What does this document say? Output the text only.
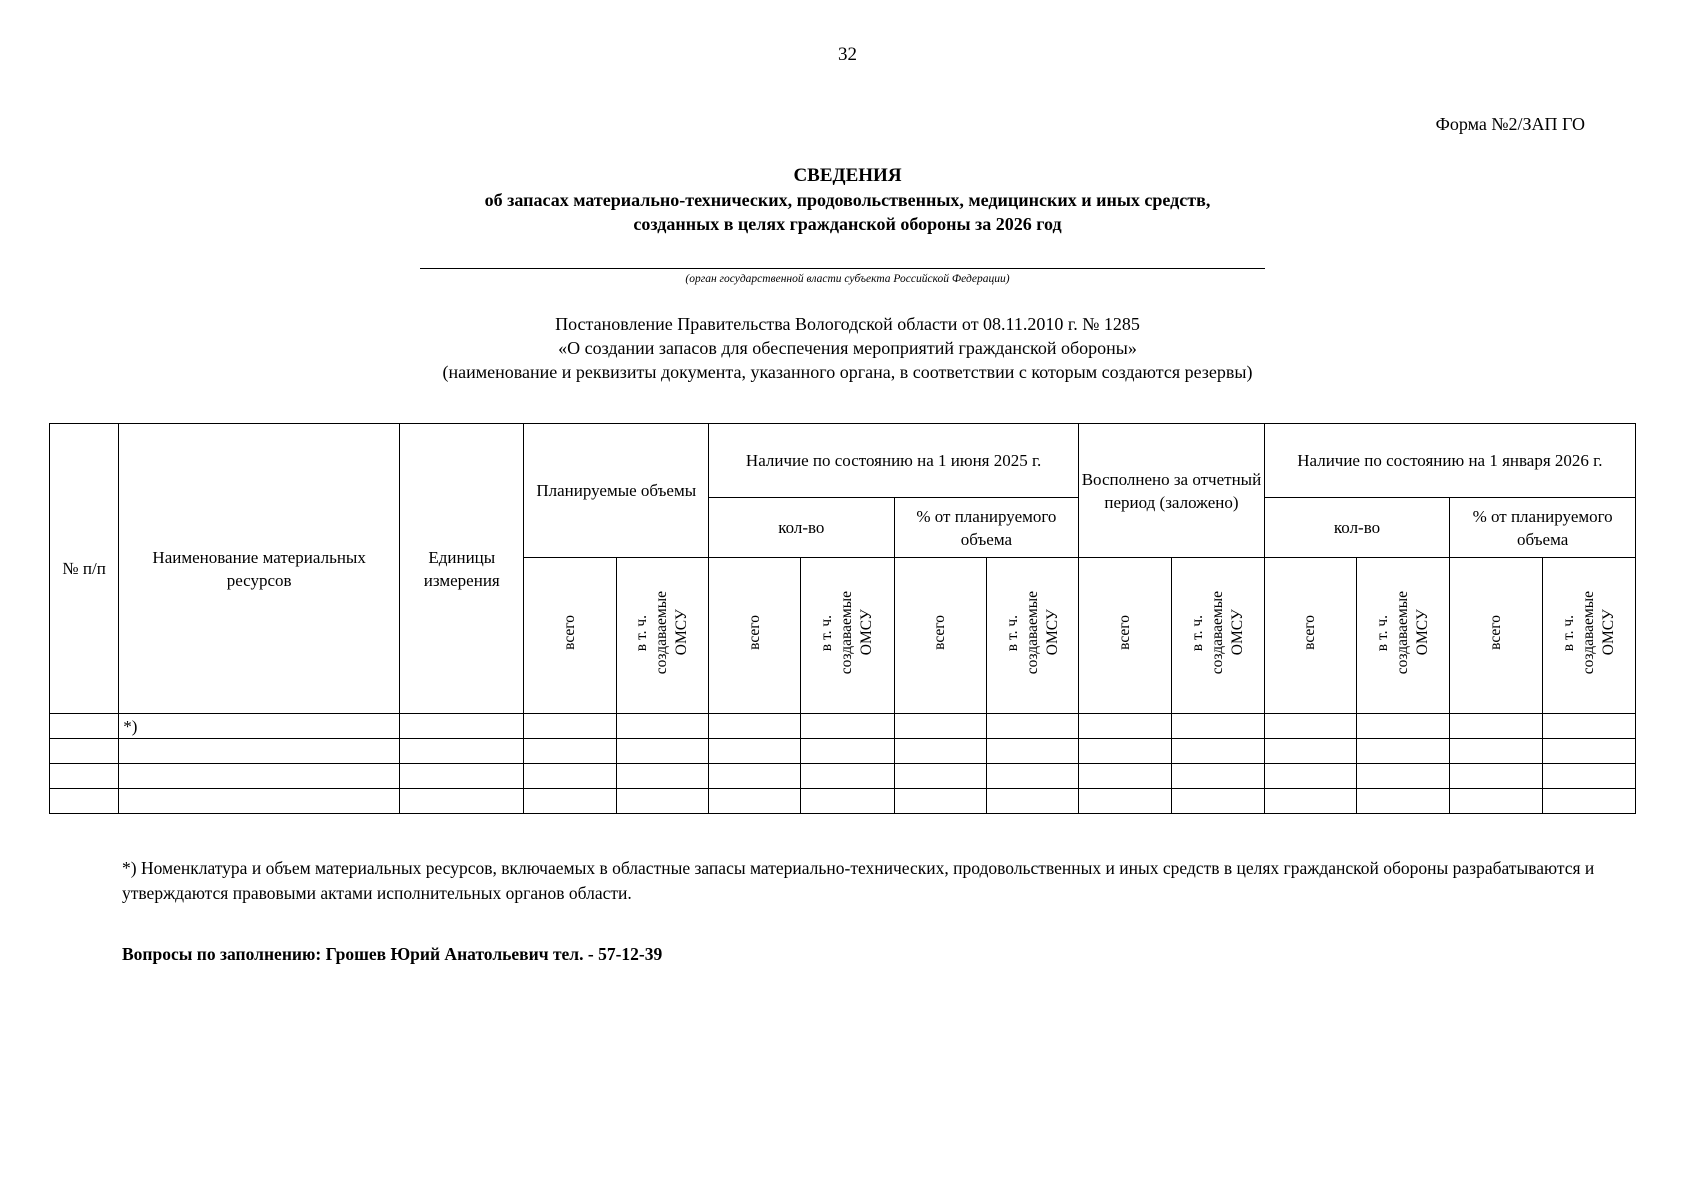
32
Форма №2/ЗАП ГО
СВЕДЕНИЯ
об запасах материально-технических, продовольственных, медицинских и иных средств,
созданных в целях гражданской обороны за 2026 год
(орган государственной власти субъекта Российской Федерации)
Постановление Правительства Вологодской области от 08.11.2010 г. № 1285
«О создании запасов для обеспечения мероприятий гражданской обороны»
(наименование и реквизиты документа, указанного органа, в соответствии с которым создаются резервы)
№ п/п	Наименование материальных ресурсов	Единицы измерения	Планируемые объемы		Наличие по состоянию на 1 июня 2025 г.				Восполнено за отчетный период (заложено)		Наличие по состоянию на 1 января 2026 г.			
					кол-во		% от планируемого объема				кол-во		% от планируемого объема	
			всего	в т. ч.
создаваемые
ОМСУ	всего	в т. ч.
создаваемые
ОМСУ	всего	в т. ч.
создаваемые
ОМСУ	всего	в т. ч.
создаваемые
ОМСУ	всего	в т. ч.
создаваемые
ОМСУ	всего	в т. ч.
создаваемые
ОМСУ
	*)													

*) Номенклатура и объем материальных ресурсов, включаемых в областные запасы материально-технических, продовольственных и иных средств в целях гражданской обороны разрабатываются и утверждаются правовыми актами исполнительных органов области.
Вопросы по заполнению: Грошев Юрий Анатольевич тел. - 57-12-39
